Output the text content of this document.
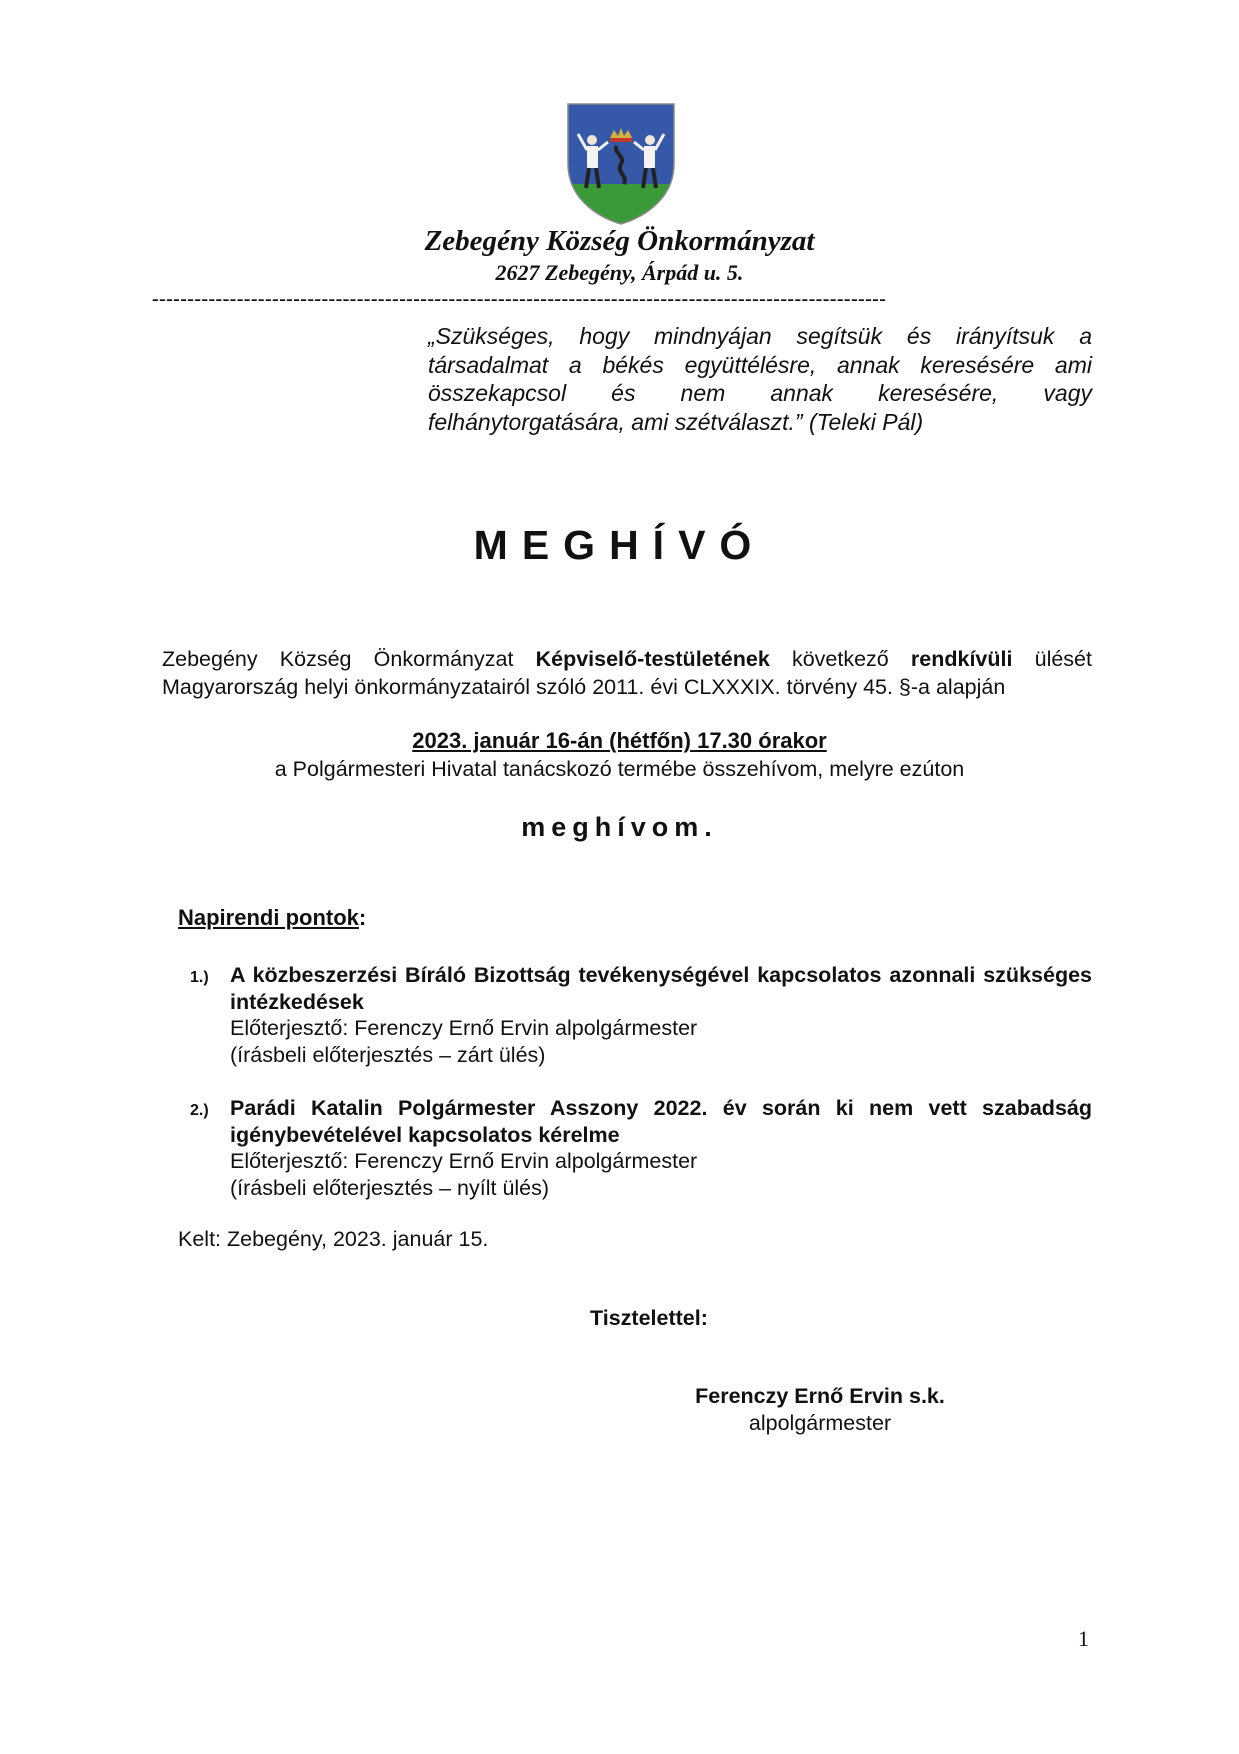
Zebegény Község Önkormányzat
2627 Zebegény, Árpád u. 5.
--------------------------------------------------------------------------------------------------------
„Szükséges, hogy mindnyájan segítsük és irányítsuk a társadalmat a békés együttélésre, annak keresésére ami összekapcsol és nem annak keresésére, vagy felhánytorgatására, ami szétválaszt.” (Teleki Pál)
MEGHÍVÓ
Zebegény Község Önkormányzat Képviselő-testületének következő rendkívüli ülését
Magyarország helyi önkormányzatairól szóló 2011. évi CLXXXIX. törvény 45. §-a alapján
2023. január 16-án (hétfőn) 17.30 órakor
a Polgármesteri Hivatal tanácskozó termébe összehívom, melyre ezúton
meghívom.
Napirendi pontok:
1.) A közbeszerzési Bíráló Bizottság tevékenységével kapcsolatos azonnali szükséges intézkedések
Előterjesztő: Ferenczy Ernő Ervin alpolgármester
(írásbeli előterjesztés – zárt ülés)
2.) Parádi Katalin Polgármester Asszony 2022. év során ki nem vett szabadság igénybevételével kapcsolatos kérelme
Előterjesztő: Ferenczy Ernő Ervin alpolgármester
(írásbeli előterjesztés – nyílt ülés)
Kelt: Zebegény, 2023. január 15.
Tisztelettel:
Ferenczy Ernő Ervin s.k.
alpolgármester
1
